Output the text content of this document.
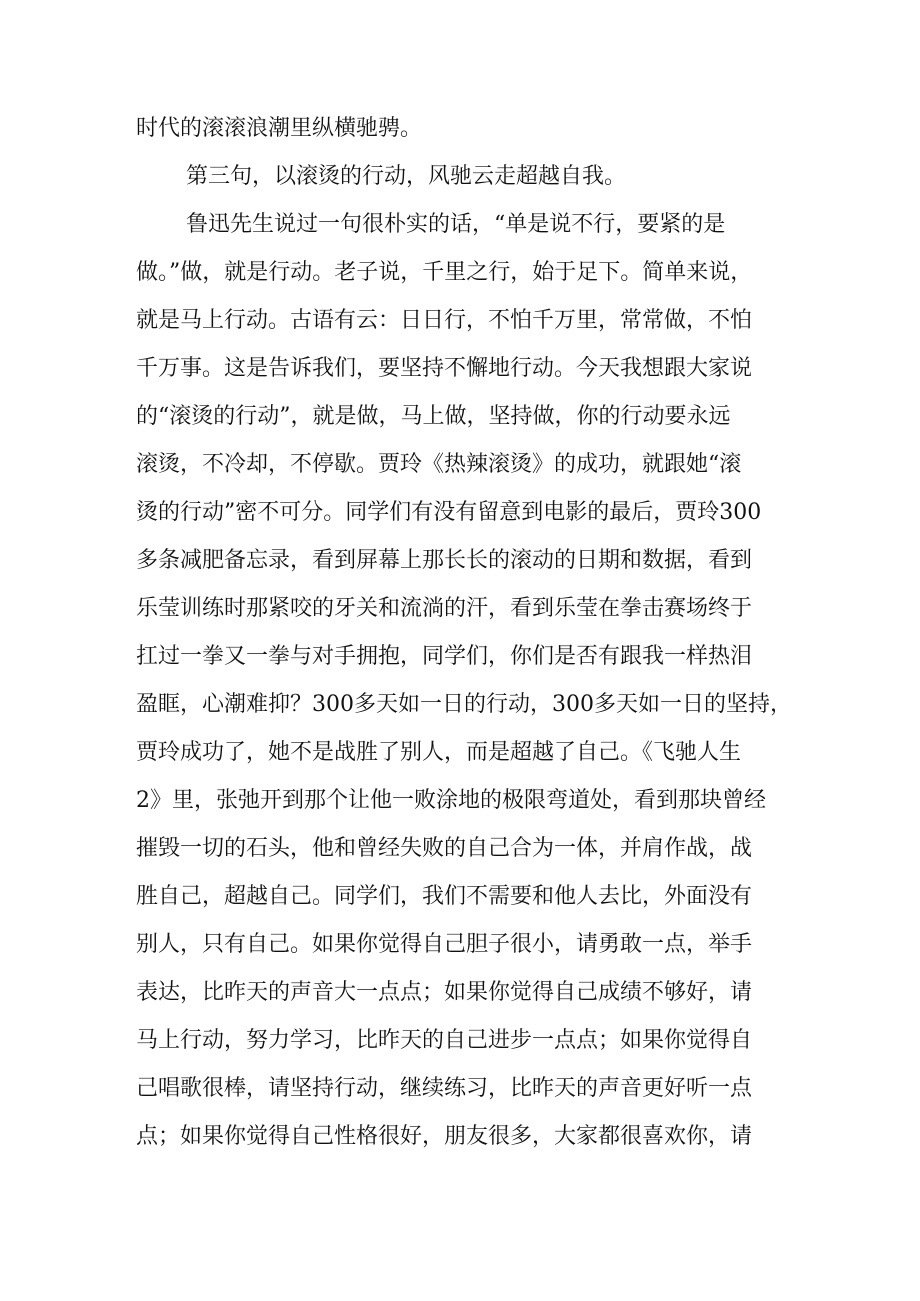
时代的滚滚浪潮里纵横驰骋。

第三句，以滚烫的行动，风驰云走超越自我。

鲁迅先生说过一句很朴实的话，“单是说不行，要紧的是

做。”做，就是行动。老子说，千里之行，始于足下。简单来说，

就是马上行动。古语有云：日日行，不怕千万里，常常做，不怕

千万事。这是告诉我们，要坚持不懈地行动。今天我想跟大家说

的“滚烫的行动”，就是做，马上做，坚持做，你的行动要永远

滚烫，不冷却，不停歇。贾玲《热辣滚烫》的成功，就跟她“滚

烫的行动”密不可分。同学们有没有留意到电影的最后，贾玲300

多条减肥备忘录，看到屏幕上那长长的滚动的日期和数据，看到

乐莹训练时那紧咬的牙关和流淌的汗，看到乐莹在拳击赛场终于

扛过一拳又一拳与对手拥抱，同学们，你们是否有跟我一样热泪

盈眶，心潮难抑？300多天如一日的行动，300多天如一日的坚持，

贾玲成功了，她不是战胜了别人，而是超越了自己。《飞驰人生

2》里，张弛开到那个让他一败涂地的极限弯道处，看到那块曾经

摧毁一切的石头，他和曾经失败的自己合为一体，并肩作战，战

胜自己，超越自己。同学们，我们不需要和他人去比，外面没有

别人，只有自己。如果你觉得自己胆子很小，请勇敢一点，举手

表达，比昨天的声音大一点点；如果你觉得自己成绩不够好，请

马上行动，努力学习，比昨天的自己进步一点点；如果你觉得自

己唱歌很棒，请坚持行动，继续练习，比昨天的声音更好听一点

点；如果你觉得自己性格很好，朋友很多，大家都很喜欢你，请
